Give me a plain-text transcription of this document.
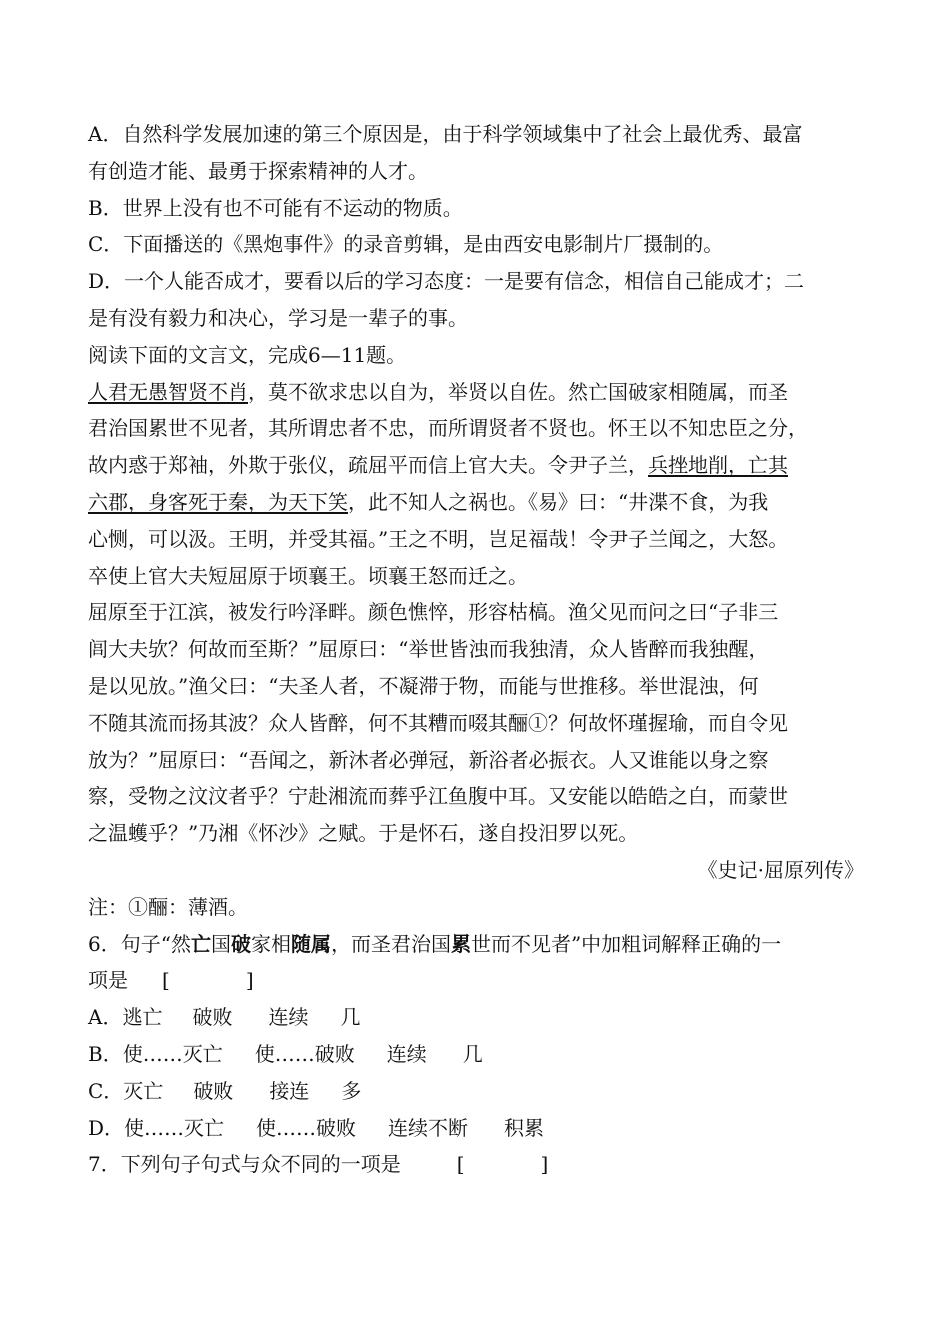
A．自然科学发展加速的第三个原因是，由于科学领域集中了社会上最优秀、最富

有创造才能、最勇于探索精神的人才。

B．世界上没有也不可能有不运动的物质。

C．下面播送的《黑炮事件》的录音剪辑，是由西安电影制片厂摄制的。

D．一个人能否成才，要看以后的学习态度：一是要有信念，相信自己能成才；二

是有没有毅力和决心，学习是一辈子的事。

阅读下面的文言文，完成6—11题。

人君无愚智贤不肖，莫不欲求忠以自为，举贤以自佐。然亡国破家相随属，而圣

君治国累世不见者，其所谓忠者不忠，而所谓贤者不贤也。怀王以不知忠臣之分，

故内惑于郑袖，外欺于张仪，疏屈平而信上官大夫。令尹子兰，兵挫地削，亡其

六郡，身客死于秦，为天下笑，此不知人之祸也。《易》曰：“井渫不食，为我

心恻，可以汲。王明，并受其福。”王之不明，岂足福哉！令尹子兰闻之，大怒。

卒使上官大夫短屈原于顷襄王。顷襄王怒而迁之。

屈原至于江滨，被发行吟泽畔。颜色憔悴，形容枯槁。渔父见而问之曰“子非三

闾大夫欤？何故而至斯？”屈原曰：“举世皆浊而我独清，众人皆醉而我独醒，

是以见放。”渔父曰：“夫圣人者，不凝滞于物，而能与世推移。举世混浊，何

不随其流而扬其波？众人皆醉，何不其糟而啜其酾①？何故怀瑾握瑜，而自令见

放为？”屈原曰：“吾闻之，新沐者必弹冠，新浴者必振衣。人又谁能以身之察

察，受物之汶汶者乎？宁赴湘流而葬乎江鱼腹中耳。又安能以皓皓之白，而蒙世

之温蠖乎？”乃湘《怀沙》之赋。于是怀石，遂自投汨罗以死。

《史记·屈原列传》

注：①酾：薄酒。

6．句子“然亡国破家相随属，而圣君治国累世而不见者”中加粗词解释正确的一

项是 [	]

A．逃亡 破败 连续 几

B．使……灭亡 使……破败 连续 几

C．灭亡 破败 接连 多

D．使……灭亡 使……破败 连续不断 积累

7．下列句子句式与众不同的一项是	[	]
